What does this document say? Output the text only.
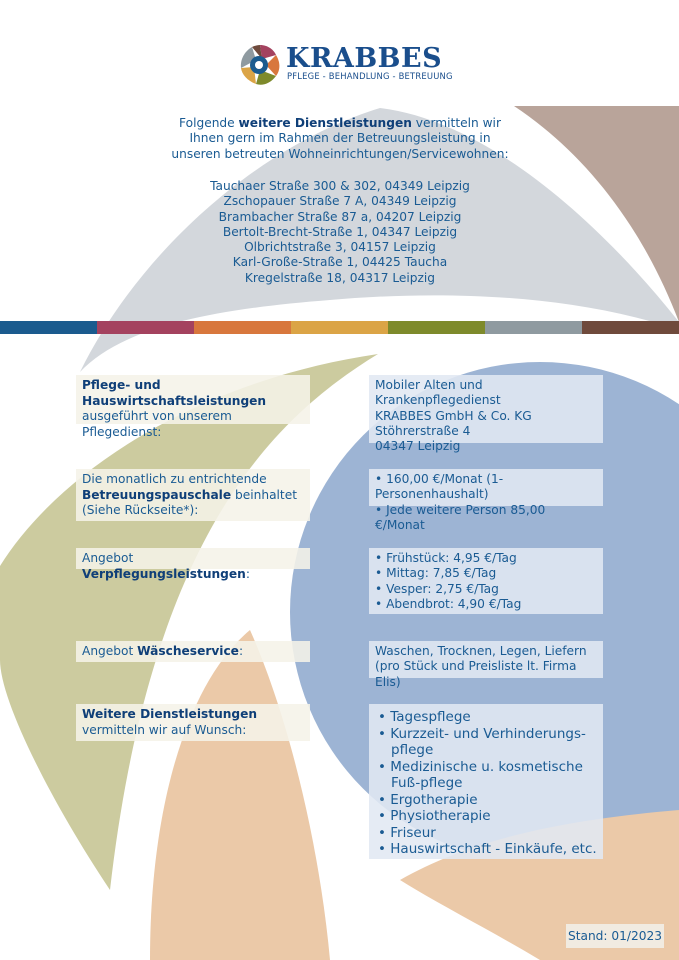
KRABBES
PFLEGE - BEHANDLUNG - BETREUUNG
Folgende weitere Dienstleistungen vermitteln wir
Ihnen gern im Rahmen der Betreuungsleistung in
unseren betreuten Wohneinrichtungen/Servicewohnen:
Tauchaer Straße 300 & 302, 04349 Leipzig
Zschopauer Straße 7 A, 04349 Leipzig
Brambacher Straße 87 a, 04207 Leipzig
Bertolt-Brecht-Straße 1, 04347 Leipzig
Olbrichtstraße 3, 04157 Leipzig
Karl-Große-Straße 1, 04425 Taucha
Kregelstraße 18, 04317 Leipzig
Pflege- und Hauswirtschaftsleistungen
ausgeführt von unserem Pflegedienst:
Mobiler Alten und Krankenpflegedienst
KRABBES GmbH & Co. KG
Stöhrerstraße 4
04347 Leipzig
Die monatlich zu entrichtende
Betreuungspauschale beinhaltet
(Siehe Rückseite*):
• 160,00 €/Monat (1-Personenhaushalt)
• Jede weitere Person 85,00 €/Monat
Angebot Verpflegungsleistungen:
• Frühstück: 4,95 €/Tag
• Mittag: 7,85 €/Tag
• Vesper: 2,75 €/Tag
• Abendbrot: 4,90 €/Tag
Angebot Wäscheservice:	Waschen, Trocknen, Legen, Liefern
(pro Stück und Preisliste lt. Firma Elis)
Weitere Dienstleistungen
vermitteln wir auf Wunsch:
• Tagespflege
• Kurzzeit- und Verhinderungs-pflege
• Medizinische u. kosmetische Fuß-pflege
• Ergotherapie
• Physiotherapie
• Friseur
• Hauswirtschaft - Einkäufe, etc.
Stand: 01/2023
